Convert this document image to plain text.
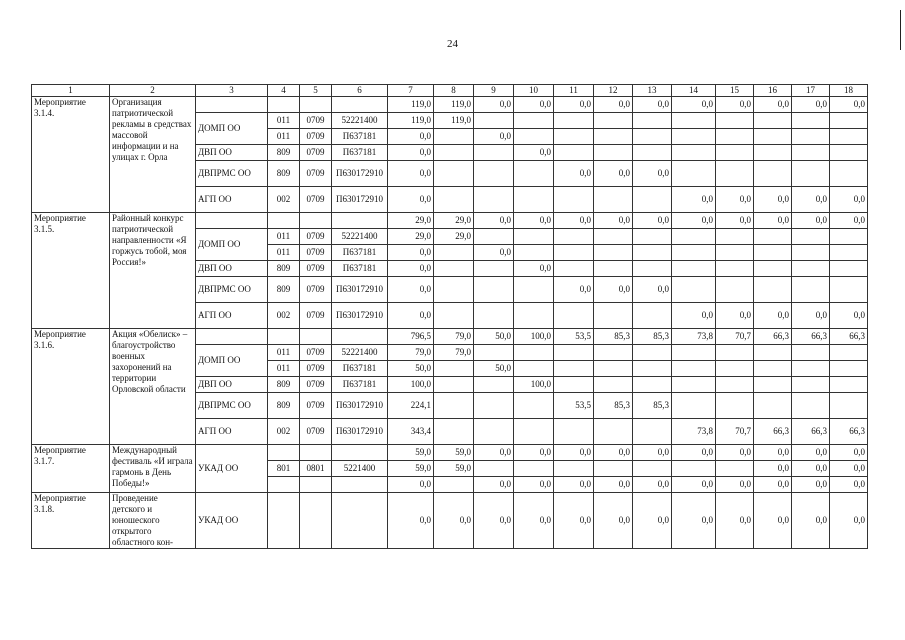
24
1	2	3	4	5	6	7	8	9	10	11	12	13	14	15	16	17	18
Мероприятие 3.1.4.	Организация патриотической рекламы в средствах массовой информации и на улицах г. Орла					119,0	119,0	0,0	0,0	0,0	0,0	0,0	0,0	0,0	0,0	0,0	0,0
		ДОМП ОО	011	0709	52221400	119,0	119,0										
			011	0709	П637181	0,0		0,0									
		ДВП ОО	809	0709	П637181	0,0			0,0								
		ДВПРМС ОО	809	0709	П630172910	0,0				0,0	0,0	0,0					
		АГП ОО	002	0709	П630172910	0,0							0,0	0,0	0,0	0,0	0,0
Мероприятие 3.1.5.	Районный конкурс патриотической направленности «Я горжусь тобой, моя Россия!»					29,0	29,0	0,0	0,0	0,0	0,0	0,0	0,0	0,0	0,0	0,0	0,0
		ДОМП ОО	011	0709	52221400	29,0	29,0										
			011	0709	П637181	0,0		0,0									
		ДВП ОО	809	0709	П637181	0,0			0,0								
		ДВПРМС ОО	809	0709	П630172910	0,0				0,0	0,0	0,0					
		АГП ОО	002	0709	П630172910	0,0							0,0	0,0	0,0	0,0	0,0
Мероприятие 3.1.6.	Акция «Обелиск» – благоустройство военных захоронений на территории Орловской области					796,5	79,0	50,0	100,0	53,5	85,3	85,3	73,8	70,7	66,3	66,3	66,3
		ДОМП ОО	011	0709	52221400	79,0	79,0										
			011	0709	П637181	50,0		50,0									
		ДВП ОО	809	0709	П637181	100,0			100,0								
		ДВПРМС ОО	809	0709	П630172910	224,1				53,5	85,3	85,3					
		АГП ОО	002	0709	П630172910	343,4							73,8	70,7	66,3	66,3	66,3
Мероприятие 3.1.7.	Международный фестиваль «И играла гармонь в День Победы!»	УКАД ОО				59,0	59,0	0,0	0,0	0,0	0,0	0,0	0,0	0,0	0,0	0,0	0,0
			801	0801	5221400	59,0	59,0								0,0	0,0	0,0
						0,0		0,0	0,0	0,0	0,0	0,0	0,0	0,0	0,0	0,0	0,0
Мероприятие 3.1.8.	Проведение детского и юношеского открытого областного кон-	УКАД ОО				0,0	0,0	0,0	0,0	0,0	0,0	0,0	0,0	0,0	0,0	0,0	0,0
